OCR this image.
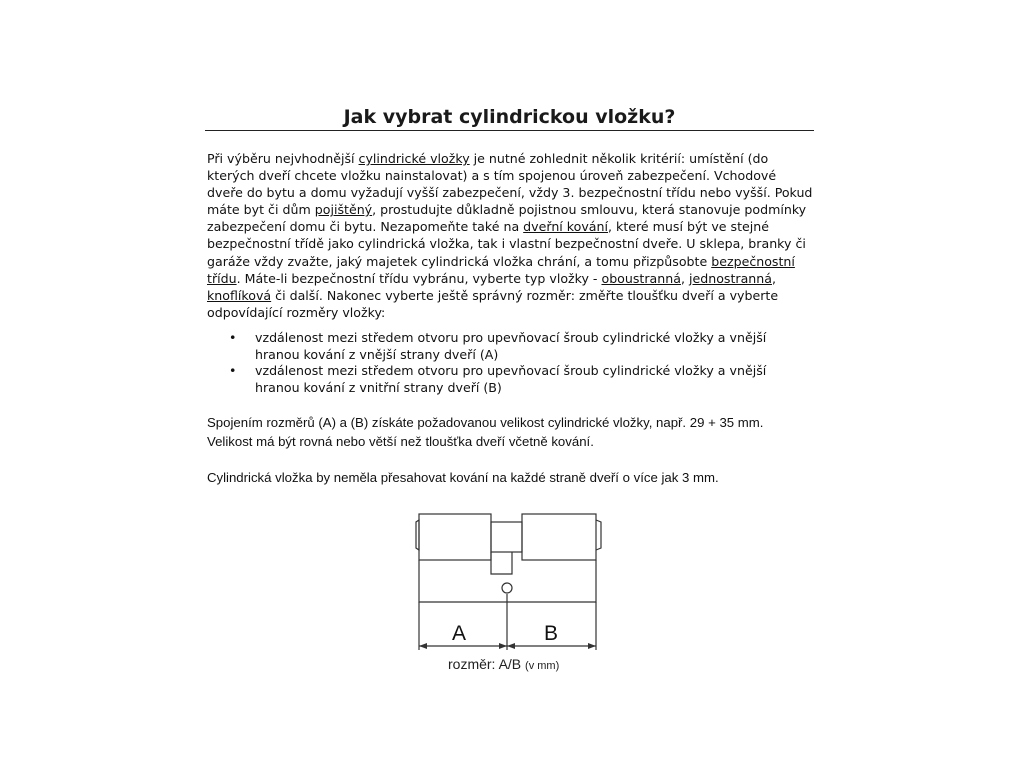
Jak vybrat cylindrickou vložku?

Při výběru nejvhodnější cylindrické vložky je nutné zohlednit několik kritérií: umístění (do kterých dveří chcete vložku nainstalovat) a s tím spojenou úroveň zabezpečení. Vchodové dveře do bytu a domu vyžadují vyšší zabezpečení, vždy 3. bezpečnostní třídu nebo vyšší. Pokud máte byt či dům pojištěný, prostudujte důkladně pojistnou smlouvu, která stanovuje podmínky zabezpečení domu či bytu. Nezapomeňte také na dveřní kování, které musí být ve stejné bezpečnostní třídě jako cylindrická vložka, tak i vlastní bezpečnostní dveře. U sklepa, branky či garáže vždy zvažte, jaký majetek cylindrická vložka chrání, a tomu přizpůsobte bezpečnostní třídu. Máte-li bezpečnostní třídu vybránu, vyberte typ vložky - oboustranná, jednostranná, knoflíková či další. Nakonec vyberte ještě správný rozměr: změřte tloušťku dveří a vyberte odpovídající rozměry vložky:

• vzdálenost mezi středem otvoru pro upevňovací šroub cylindrické vložky a vnější hranou kování z vnější strany dveří (A)
• vzdálenost mezi středem otvoru pro upevňovací šroub cylindrické vložky a vnější hranou kování z vnitřní strany dveří (B)

Spojením rozměrů (A) a (B) získáte požadovanou velikost cylindrické vložky, např. 29 + 35 mm.

Velikost má být rovná nebo větší než tloušťka dveří včetně kování.

Cylindrická vložka by neměla přesahovat kování na každé straně dveří o více jak 3 mm.

A	B
rozměr: A/B (v mm)
